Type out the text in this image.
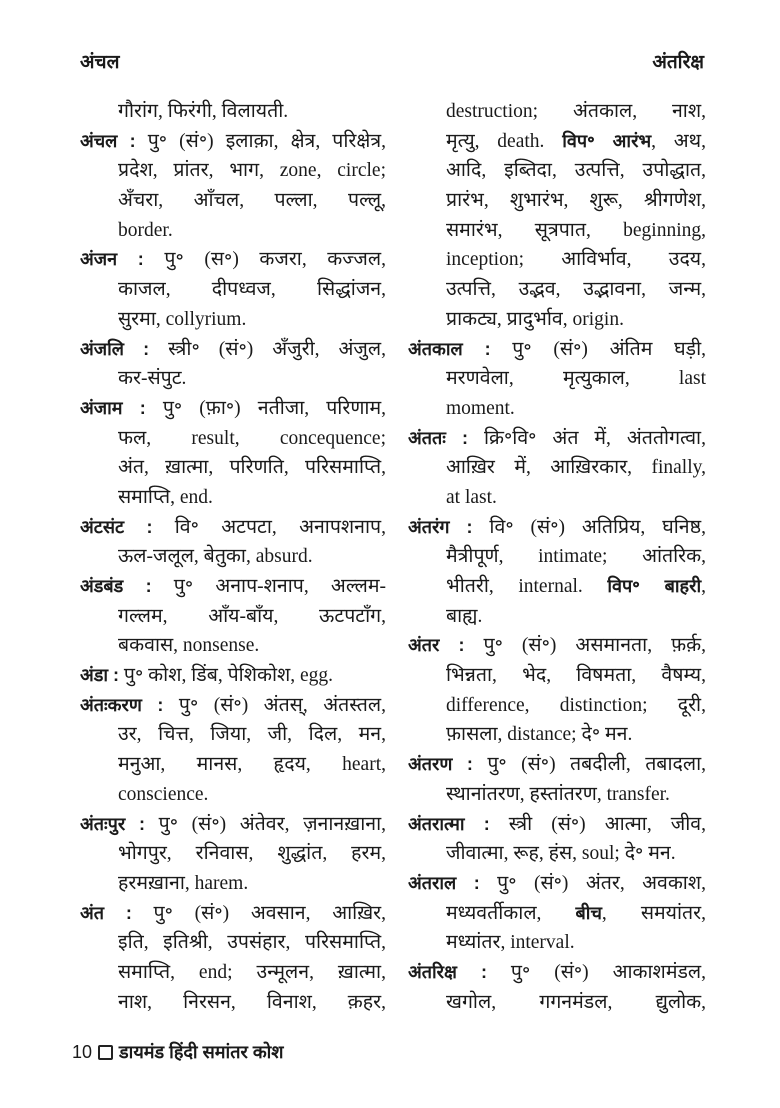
अंचल	अंतरिक्ष
गौरांग, फिरंगी, विलायती.
अंचल : पु॰ (सं॰) इलाक़ा, क्षेत्र, परिक्षेत्र,
प्रदेश, प्रांतर, भाग, zone, circle;
अँचरा, आँचल, पल्ला, पल्लू,
border.
अंजन : पु॰ (स॰) कजरा, कज्जल,
काजल, दीपध्वज, सिद्धांजन,
सुरमा, collyrium.
अंजलि : स्त्री॰ (सं॰) अँजुरी, अंजुल,
कर-संपुट.
अंजाम : पु॰ (फ़ा॰) नतीजा, परिणाम,
फल, result, concequence;
अंत, ख़ात्मा, परिणति, परिसमाप्ति,
समाप्ति, end.
अंटसंट : वि॰ अटपटा, अनापशनाप,
ऊल-जलूल, बेतुका, absurd.
अंडबंड : पु॰ अनाप-शनाप, अल्लम-
गल्लम, आँय-बाँय, ऊटपटाँग,
बकवास, nonsense.
अंडा : पु॰ कोश, डिंब, पेशिकोश, egg.
अंतःकरण : पु॰ (सं॰) अंतस्, अंतस्तल,
उर, चित्त, जिया, जी, दिल, मन,
मनुआ, मानस, हृदय, heart,
conscience.
अंतःपुर : पु॰ (सं॰) अंतेवर, ज़नानख़ाना,
भोगपुर, रनिवास, शुद्धांत, हरम,
हरमख़ाना, harem.
अंत : पु॰ (सं॰) अवसान, आख़िर,
इति, इतिश्री, उपसंहार, परिसमाप्ति,
समाप्ति, end; उन्मूलन, ख़ात्मा,
नाश, निरसन, विनाश, क़हर,
destruction; अंतकाल, नाश,
मृत्यु, death. विप॰ आरंभ, अथ,
आदि, इब्तिदा, उत्पत्ति, उपोद्धात,
प्रारंभ, शुभारंभ, शुरू, श्रीगणेश,
समारंभ, सूत्रपात, beginning,
inception; आविर्भाव, उदय,
उत्पत्ति, उद्भव, उद्भावना, जन्म,
प्राकट्य, प्रादुर्भाव, origin.
अंतकाल : पु॰ (सं॰) अंतिम घड़ी,
मरणवेला, मृत्युकाल, last
moment.
अंततः : क्रि॰वि॰ अंत में, अंततोगत्वा,
आख़िर में, आख़िरकार, finally,
at last.
अंतरंग : वि॰ (सं॰) अतिप्रिय, घनिष्ठ,
मैत्रीपूर्ण, intimate; आंतरिक,
भीतरी, internal. विप॰ बाहरी,
बाह्य.
अंतर : पु॰ (सं॰) असमानता, फ़र्क़,
भिन्नता, भेद, विषमता, वैषम्य,
difference, distinction; दूरी,
फ़ासला, distance; दे॰ मन.
अंतरण : पु॰ (सं॰) तबदीली, तबादला,
स्थानांतरण, हस्तांतरण, transfer.
अंतरात्मा : स्त्री (सं॰) आत्मा, जीव,
जीवात्मा, रूह, हंस, soul; दे॰ मन.
अंतराल : पु॰ (सं॰) अंतर, अवकाश,
मध्यवर्तीकाल, बीच, समयांतर,
मध्यांतर, interval.
अंतरिक्ष : पु॰ (सं॰) आकाशमंडल,
खगोल, गगनमंडल, द्युलोक,
10 डायमंड हिंदी समांतर कोश
